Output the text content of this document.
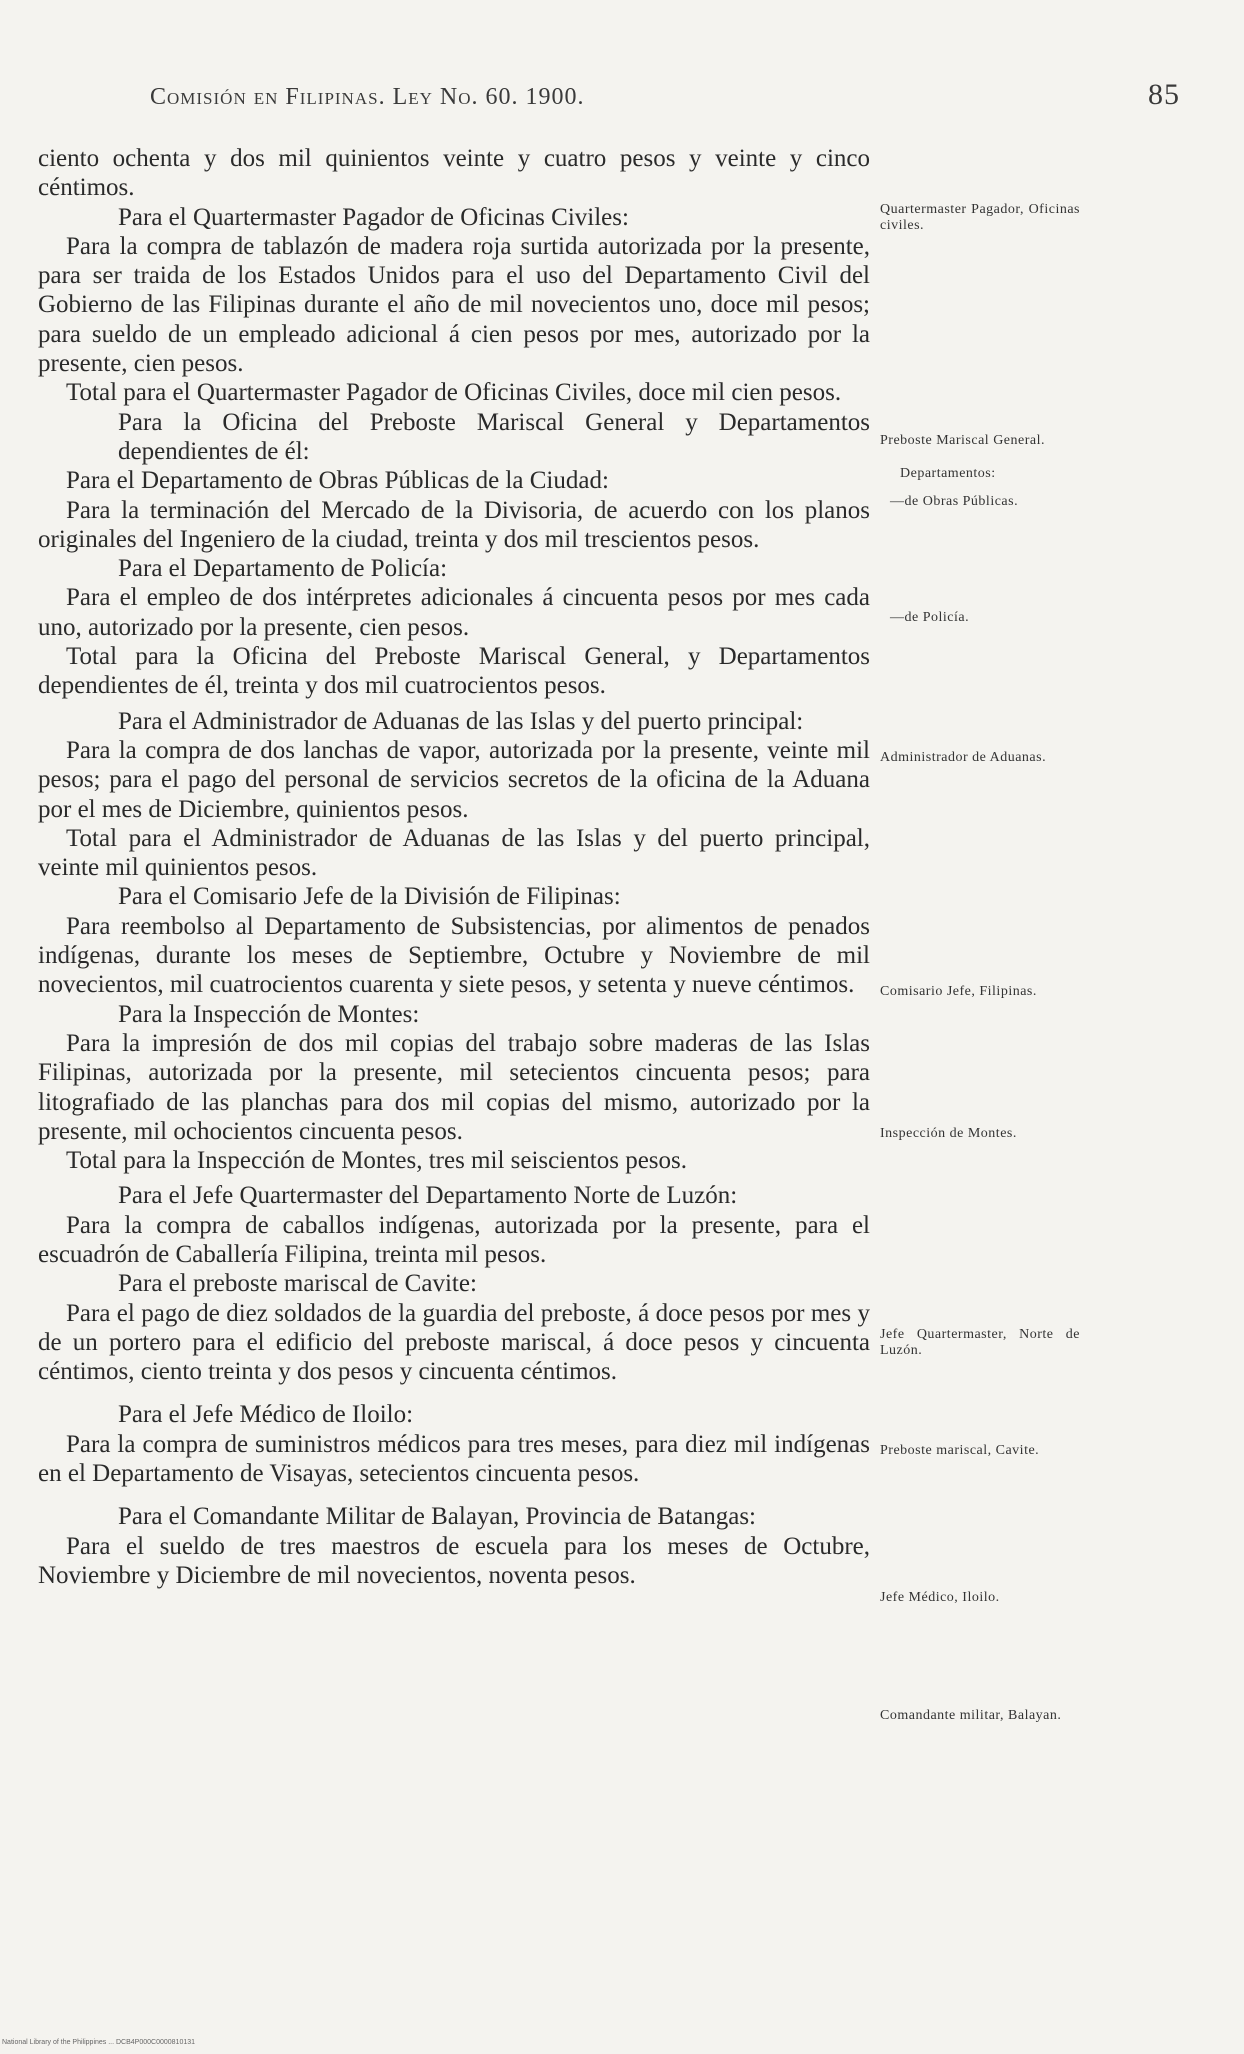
Comisión en Filipinas. Ley No. 60. 1900.	85

ciento ochenta y dos mil quinientos veinte y cuatro pesos y veinte y cinco céntimos.

Para el Quartermaster Pagador de Oficinas Civiles:

Para la compra de tablazón de madera roja surtida autorizada por la presente, para ser traida de los Estados Unidos para el uso del Departamento Civil del Gobierno de las Filipinas durante el año de mil novecientos uno, doce mil pesos; para sueldo de un empleado adicional á cien pesos por mes, autorizado por la presente, cien pesos.

Total para el Quartermaster Pagador de Oficinas Civiles, doce mil cien pesos.

Para la Oficina del Preboste Mariscal General y Departamentos dependientes de él:

Para el Departamento de Obras Públicas de la Ciudad:

Para la terminación del Mercado de la Divisoria, de acuerdo con los planos originales del Ingeniero de la ciudad, treinta y dos mil trescientos pesos.

Para el Departamento de Policía:

Para el empleo de dos intérpretes adicionales á cincuenta pesos por mes cada uno, autorizado por la presente, cien pesos.

Total para la Oficina del Preboste Mariscal General, y Departamentos dependientes de él, treinta y dos mil cuatrocientos pesos.

Para el Administrador de Aduanas de las Islas y del puerto principal:

Para la compra de dos lanchas de vapor, autorizada por la presente, veinte mil pesos; para el pago del personal de servicios secretos de la oficina de la Aduana por el mes de Diciembre, quinientos pesos.

Total para el Administrador de Aduanas de las Islas y del puerto principal, veinte mil quinientos pesos.

Para el Comisario Jefe de la División de Filipinas:

Para reembolso al Departamento de Subsistencias, por alimentos de penados indígenas, durante los meses de Septiembre, Octubre y Noviembre de mil novecientos, mil cuatrocientos cuarenta y siete pesos, y setenta y nueve céntimos.

Para la Inspección de Montes:

Para la impresión de dos mil copias del trabajo sobre maderas de las Islas Filipinas, autorizada por la presente, mil setecientos cincuenta pesos; para litografiado de las planchas para dos mil copias del mismo, autorizado por la presente, mil ochocientos cincuenta pesos.

Total para la Inspección de Montes, tres mil seiscientos pesos.

Para el Jefe Quartermaster del Departamento Norte de Luzón:

Para la compra de caballos indígenas, autorizada por la presente, para el escuadrón de Caballería Filipina, treinta mil pesos.

Para el preboste mariscal de Cavite:

Para el pago de diez soldados de la guardia del preboste, á doce pesos por mes y de un portero para el edificio del preboste mariscal, á doce pesos y cincuenta céntimos, ciento treinta y dos pesos y cincuenta céntimos.

Para el Jefe Médico de Iloilo:

Para la compra de suministros médicos para tres meses, para diez mil indígenas en el Departamento de Visayas, setecientos cincuenta pesos.

Para el Comandante Militar de Balayan, Provincia de Batangas:

Para el sueldo de tres maestros de escuela para los meses de Octubre, Noviembre y Diciembre de mil novecientos, noventa pesos.

Quartermaster Pagador, Oficinas civiles.
Preboste Mariscal General.
Departamentos:
—de Obras Públicas.
—de Policía.
Administrador de Aduanas.
Comisario Jefe, Filipinas.
Inspección de Montes.
Jefe Quartermaster, Norte de Luzón.
Preboste mariscal, Cavite.
Jefe Médico, Iloilo.
Comandante militar, Balayan.
National Library of the Philippines ... DCB4P000C0000810131
